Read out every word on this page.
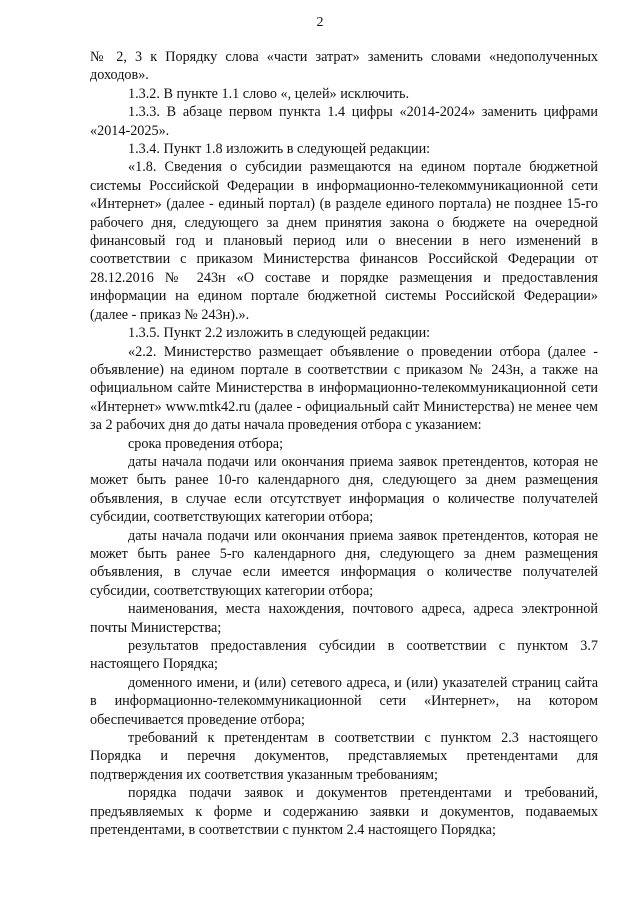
2

№ 2, 3 к Порядку слова «части затрат» заменить словами «недополученных доходов».

1.3.2. В пункте 1.1 слово «, целей» исключить.

1.3.3. В абзаце первом пункта 1.4 цифры «2014-2024» заменить цифрами «2014-2025».

1.3.4. Пункт 1.8 изложить в следующей редакции:

«1.8. Сведения о субсидии размещаются на едином портале бюджетной системы Российской Федерации в информационно-телекоммуникационной сети «Интернет» (далее - единый портал) (в разделе единого портала) не позднее 15-го рабочего дня, следующего за днем принятия закона о бюджете на очередной финансовый год и плановый период или о внесении в него изменений в соответствии с приказом Министерства финансов Российской Федерации от 28.12.2016 № 243н «О составе и порядке размещения и предоставления информации на едином портале бюджетной системы Российской Федерации» (далее - приказ № 243н).».

1.3.5. Пункт 2.2 изложить в следующей редакции:

«2.2. Министерство размещает объявление о проведении отбора (далее - объявление) на едином портале в соответствии с приказом № 243н, а также на официальном сайте Министерства в информационно-телекоммуникационной сети «Интернет» www.mtk42.ru (далее - официальный сайт Министерства) не менее чем за 2 рабочих дня до даты начала проведения отбора с указанием:

срока проведения отбора;

даты начала подачи или окончания приема заявок претендентов, которая не может быть ранее 10-го календарного дня, следующего за днем размещения объявления, в случае если отсутствует информация о количестве получателей субсидии, соответствующих категории отбора;

даты начала подачи или окончания приема заявок претендентов, которая не может быть ранее 5-го календарного дня, следующего за днем размещения объявления, в случае если имеется информация о количестве получателей субсидии, соответствующих категории отбора;

наименования, места нахождения, почтового адреса, адреса электронной почты Министерства;

результатов предоставления субсидии в соответствии с пунктом 3.7 настоящего Порядка;

доменного имени, и (или) сетевого адреса, и (или) указателей страниц сайта в информационно-телекоммуникационной сети «Интернет», на котором обеспечивается проведение отбора;

требований к претендентам в соответствии с пунктом 2.3 настоящего Порядка и перечня документов, представляемых претендентами для подтверждения их соответствия указанным требованиям;

порядка подачи заявок и документов претендентами и требований, предъявляемых к форме и содержанию заявки и документов, подаваемых претендентами, в соответствии с пунктом 2.4 настоящего Порядка;
